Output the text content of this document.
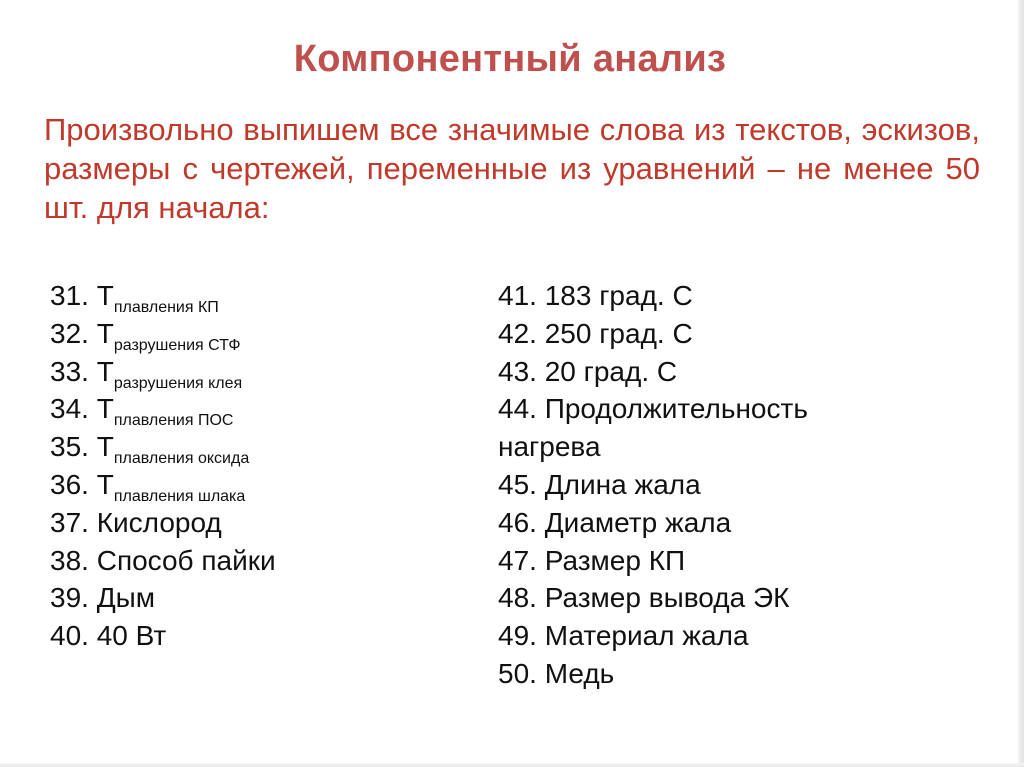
Компонентный анализ
Произвольно выпишем все значимые слова из текстов, эскизов, размеры с чертежей, переменные из уравнений – не менее 50 шт. для начала:
31. $Т_{плавления КП}$
32. $Т_{разрушения СТФ}$
33. $Т_{разрушения клея}$
34. $Т_{плавления ПОС}$
35. $Т_{плавления оксида}$
36. $Т_{плавления шлака}$
37. Кислород
38. Способ пайки
39. Дым
40. 40 Вт
41. 183 град. С
42. 250 град. С
43. 20 град. С
44. Продолжительность
нагрева
45. Длина жала
46. Диаметр жала
47. Размер КП
48. Размер вывода ЭК
49. Материал жала
50. Медь
